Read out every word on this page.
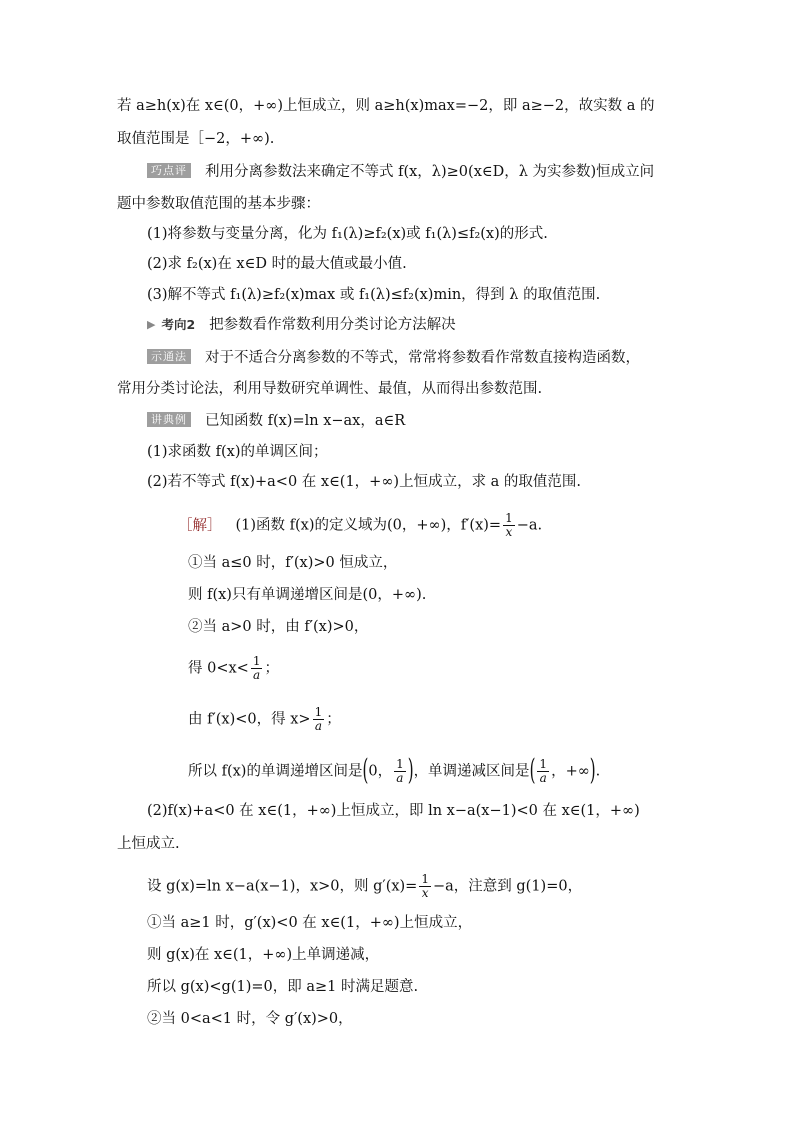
若 a≥h(x)在 x∈(0，+∞)上恒成立，则 a≥h(x)max=−2，即 a≥−2，故实数 a 的
取值范围是［−2，+∞).
巧点评 利用分离参数法来确定不等式 f(x，λ)≥0(x∈D，λ 为实参数)恒成立问
题中参数取值范围的基本步骤：
(1)将参数与变量分离，化为 f₁(λ)≥f₂(x)或 f₁(λ)≤f₂(x)的形式.
(2)求 f₂(x)在 x∈D 时的最大值或最小值.
(3)解不等式 f₁(λ)≥f₂(x)max 或 f₁(λ)≤f₂(x)min，得到 λ 的取值范围.
▶ 考向2 把参数看作常数利用分类讨论方法解决
示通法 对于不适合分离参数的不等式，常常将参数看作常数直接构造函数，
常用分类讨论法，利用导数研究单调性、最值，从而得出参数范围.
讲典例 已知函数 f(x)=ln x−ax，a∈R
(1)求函数 f(x)的单调区间；
(2)若不等式 f(x)+a<0 在 x∈(1，+∞)上恒成立，求 a 的取值范围.
［解］ (1)函数 f(x)的定义域为(0，+∞)，$f'(x)= \frac{1}{x} -a$.
①当 a≤0 时，f′(x)>0 恒成立，
则 f(x)只有单调递增区间是(0，+∞).
②当 a>0 时，由 f′(x)>0，
得 $0<x< \frac{1}{a}$ ；
由 f′(x)<0，得 $x> \frac{1}{a}$ ；
所以 f(x)的单调递增区间是(0， $\frac{1}{a}$ )，单调递减区间是( $\frac{1}{a}$ ，+∞).
(2)f(x)+a<0 在 x∈(1，+∞)上恒成立，即 ln x−a(x−1)<0 在 x∈(1，+∞)
上恒成立.
设 g(x)=ln x−a(x−1)，x>0，则 $g'(x)= \frac{1}{x} -a$，注意到 g(1)=0，
①当 a≥1 时，g′(x)<0 在 x∈(1，+∞)上恒成立，
则 g(x)在 x∈(1，+∞)上单调递减，
所以 g(x)<g(1)=0，即 a≥1 时满足题意.
②当 0<a<1 时，令 g′(x)>0，
